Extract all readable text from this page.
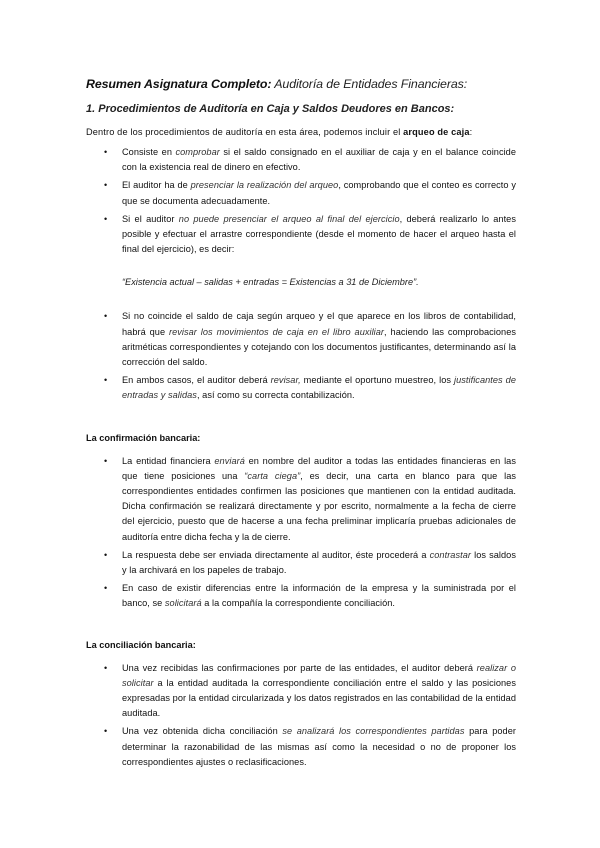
Resumen Asignatura Completo: Auditoría de Entidades Financieras:
1. Procedimientos de Auditoría en Caja y Saldos Deudores en Bancos:

Dentro de los procedimientos de auditoría en esta área, podemos incluir el arqueo de caja:

• Consiste en comprobar si el saldo consignado en el auxiliar de caja y en el balance coincide con la existencia real de dinero en efectivo.
• El auditor ha de presenciar la realización del arqueo, comprobando que el conteo es correcto y que se documenta adecuadamente.
• Si el auditor no puede presenciar el arqueo al final del ejercicio, deberá realizarlo lo antes posible y efectuar el arrastre correspondiente (desde el momento de hacer el arqueo hasta el final del ejercicio), es decir:

“Existencia actual – salidas + entradas = Existencias a 31 de Diciembre”.

• Si no coincide el saldo de caja según arqueo y el que aparece en los libros de contabilidad, habrá que revisar los movimientos de caja en el libro auxiliar, haciendo las comprobaciones aritméticas correspondientes y cotejando con los documentos justificantes, determinando así la corrección del saldo.
• En ambos casos, el auditor deberá revisar, mediante el oportuno muestreo, los justificantes de entradas y salidas, así como su correcta contabilización.
La confirmación bancaria:
• La entidad financiera enviará en nombre del auditor a todas las entidades financieras en las que tiene posiciones una “carta ciega”, es decir, una carta en blanco para que las correspondientes entidades confirmen las posiciones que mantienen con la entidad auditada. Dicha confirmación se realizará directamente y por escrito, normalmente a la fecha de cierre del ejercicio, puesto que de hacerse a una fecha preliminar implicaría pruebas adicionales de auditoría entre dicha fecha y la de cierre.
• La respuesta debe ser enviada directamente al auditor, éste procederá a contrastar los saldos y la archivará en los papeles de trabajo.
• En caso de existir diferencias entre la información de la empresa y la suministrada por el banco, se solicitará a la compañía la correspondiente conciliación.
La conciliación bancaria:
• Una vez recibidas las confirmaciones por parte de las entidades, el auditor deberá realizar o solicitar a la entidad auditada la correspondiente conciliación entre el saldo y las posiciones expresadas por la entidad circularizada y los datos registrados en las contabilidad de la entidad auditada.
• Una vez obtenida dicha conciliación se analizará los correspondientes partidas para poder determinar la razonabilidad de las mismas así como la necesidad o no de proponer los correspondientes ajustes o reclasificaciones.
